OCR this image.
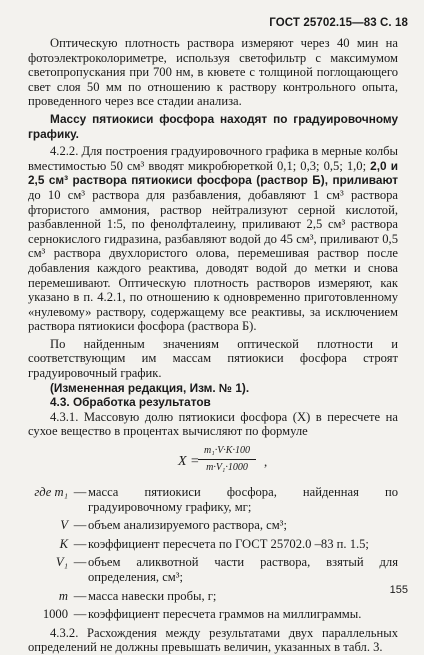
ГОСТ 25702.15—83 С. 18

Оптическую плотность раствора измеряют через 40 мин на фотоэлектроколориметре, используя светофильтр с максимумом светопропускания при 700 нм, в кювете с толщиной поглощающего свет слоя 50 мм по отношению к раствору контрольного опыта, проведенного через все стадии анализа.

Массу пятиокиси фосфора находят по градуировочному графику.

4.2.2. Для построения градуировочного графика в мерные колбы вместимостью 50 см³ вводят микробюреткой 0,1; 0,3; 0,5; 1,0; 2,0 и 2,5 см³ раствора пятиокиси фосфора (раствор Б), приливают до 10 см³ раствора для разбавления, добавляют 1 см³ раствора фтористого аммония, раствор нейтрализуют серной кислотой, разбавленной 1:5, по фенолфталеину, приливают 2,5 см³ раствора сернокислого гидразина, разбавляют водой до 45 см³, приливают 0,5 см³ раствора двухлористого олова, перемешивая раствор после добавления каждого реактива, доводят водой до метки и снова перемешивают. Оптическую плотность растворов измеряют, как указано в п. 4.2.1, по отношению к одновременно приготовленному «нулевому» раствору, содержащему все реактивы, за исключением раствора пятиокиси фосфора (раствора Б).

По найденным значениям оптической плотности и соответствующим им массам пятиокиси фосфора строят градуировочный график.

(Измененная редакция, Изм. № 1).

4.3. Обработка результатов

4.3.1. Массовую долю пятиокиси фосфора (X) в пересчете на сухое вещество в процентах вычисляют по формуле

X =
m₁·V·K·100
m·V₁·1000	,
где m₁ — масса пятиокиси фосфора, найденная по градуировочному графику, мг;
V — объем анализируемого раствора, см³;
K — коэффициент пересчета по ГОСТ 25702.0 –83 п. 1.5;
V₁ — объем аликвотной части раствора, взятый для определения, см³;
m — масса навески пробы, г;
1000 — коэффициент пересчета граммов на миллиграммы.

4.3.2. Расхождения между результатами двух параллельных определений не должны превышать величин, указанных в табл. 3.

155
